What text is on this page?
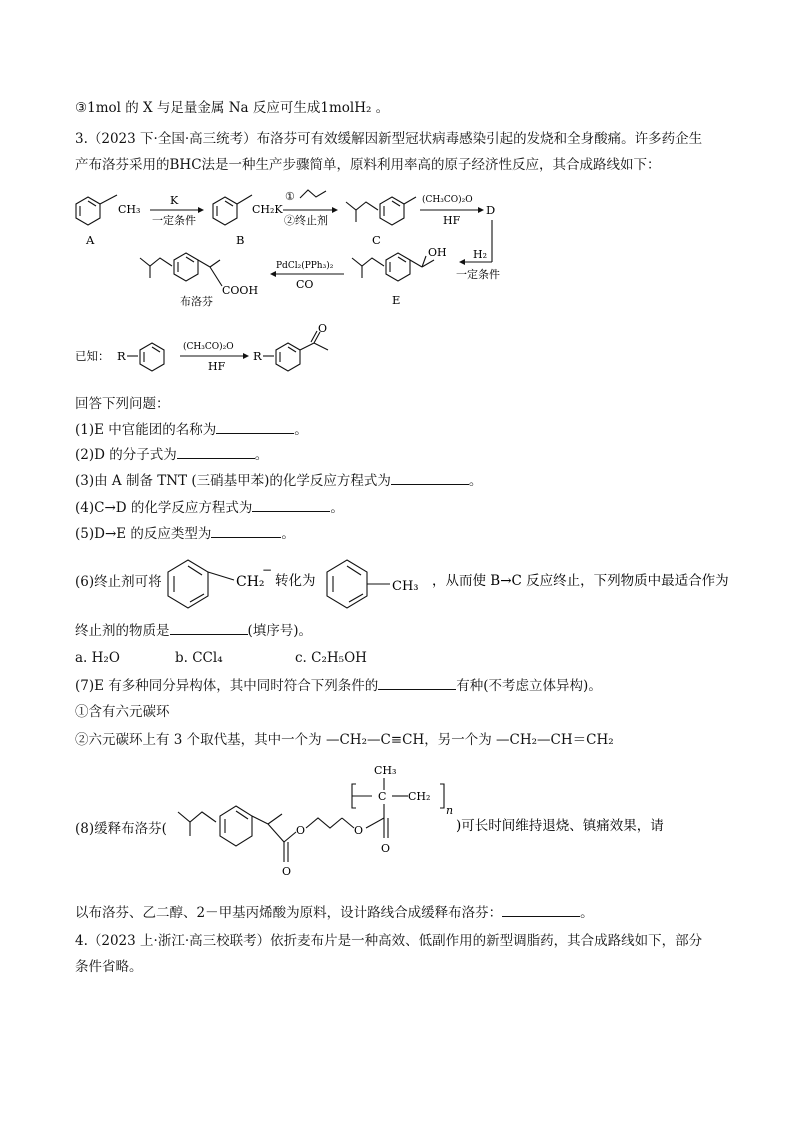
③1mol 的 X 与足量金属 Na 反应可生成1molH₂ 。
3.（2023 下·全国·高三统考）布洛芬可有效缓解因新型冠状病毒感染引起的发烧和全身酸痛。许多药企生
产布洛芬采用的BHC法是一种生产步骤简单，原料利用率高的原子经济性反应，其合成路线如下：
CH₃
A
K
一定条件
CH₂K
B
①
②终止剂
C
(CH₃CO)₂O
HF
D
H₂
一定条件
OH
E
PdCl₂(PPh₃)₂
CO
COOH
布洛芬
已知： R
(CH₃CO)₂O
HF
R
O
回答下列问题：
(1)E 中官能团的名称为	。
(2)D 的分子式为	。
(3)由 A 制备 TNT (三硝基甲苯)的化学反应方程式为	。
(4)C→D 的化学反应方程式为	。
(5)D→E 的反应类型为	。
(6)终止剂可将	CH₂
−
转化为	CH₃ ，从而使 B→C 反应终止，下列物质中最适合作为
终止剂的物质是	(填序号)。
a. H₂O	b. CCl₄	c. C₂H₅OH
(7)E 有多种同分异构体，其中同时符合下列条件的	有种(不考虑立体异构)。
①含有六元碳环
②六元碳环上有 3 个取代基，其中一个为 —CH₂—C≡CH，另一个为 —CH₂—CH＝CH₂
(8)缓释布洛芬(
O
O	O
O
C
CH₃
CH₂
n
)可长时间维持退烧、镇痛效果，请
以布洛芬、乙二醇、2－甲基丙烯酸为原料，设计路线合成缓释布洛芬：	。
4.（2023 上·浙江·高三校联考）依折麦布片是一种高效、低副作用的新型调脂药，其合成路线如下，部分
条件省略。
